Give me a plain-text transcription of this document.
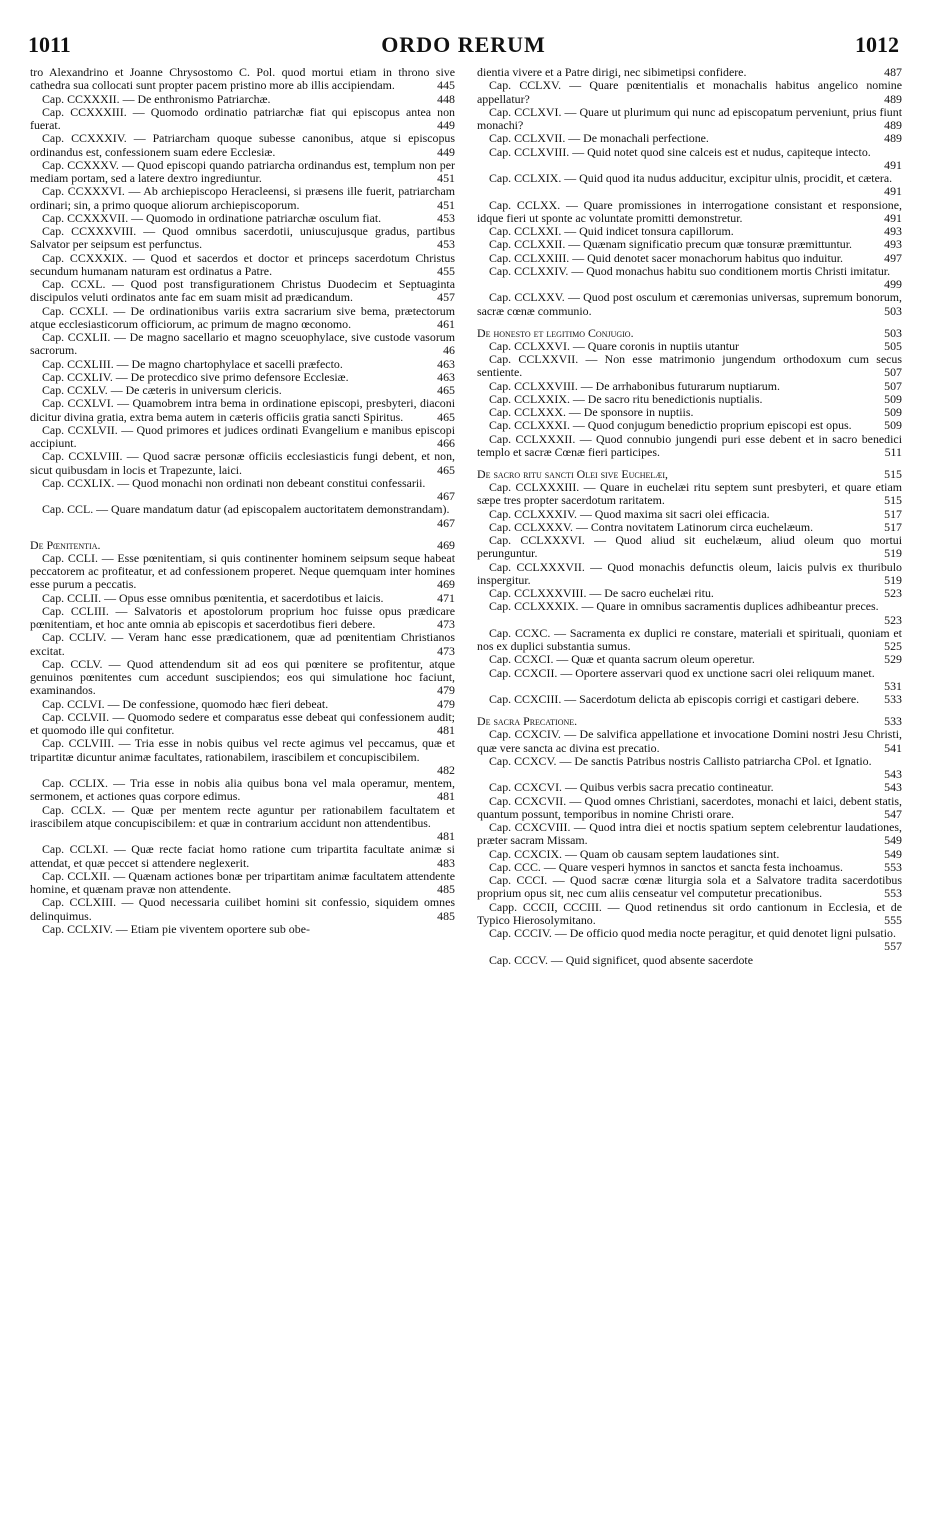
1011	ORDO RERUM	1012

tro Alexandrino et Joanne Chrysostomo C. Pol. quod mortui etiam in throno sive cathedra sua collocati sunt propter pacem pristino more ab illis accipiendam.	445

Cap. CCXXXII. — De enthronismo Patriarchæ.	448

Cap. CCXXXIII. — Quomodo ordinatio patriarchæ fiat qui episcopus antea non fuerat.	449

Cap. CCXXXIV. — Patriarcham quoque subesse canonibus, atque si episcopus ordinandus est, confessionem suam edere Ecclesiæ.	449

Cap. CCXXXV. — Quod episcopi quando patriarcha ordinandus est, templum non per mediam portam, sed a latere dextro ingrediuntur.	451

Cap. CCXXXVI. — Ab archiepiscopo Heracleensi, si præsens ille fuerit, patriarcham ordinari; sin, a primo quoque aliorum archiepiscoporum.	451

Cap. CCXXXVII. — Quomodo in ordinatione patriarchæ osculum fiat.	453

Cap. CCXXXVIII. — Quod omnibus sacerdotii, uniuscujusque gradus, partibus Salvator per seipsum est perfunctus.	453

Cap. CCXXXIX. — Quod et sacerdos et doctor et princeps sacerdotum Christus secundum humanam naturam est ordinatus a Patre.	455

Cap. CCXL. — Quod post transfigurationem Christus Duodecim et Septuaginta discipulos veluti ordinatos ante fac em suam misit ad prædicandum.	457

Cap. CCXLI. — De ordinationibus variis extra sacrarium sive bema, prætectorum atque ecclesiasticorum officiorum, ac primum de magno œconomo.	461

Cap. CCXLII. — De magno sacellario et magno sceuophylace, sive custode vasorum sacrorum.	46

Cap. CCXLIII. — De magno chartophylace et sacelli præfecto.	463

Cap. CCXLIV. — De protecdico sive primo defensore Ecclesiæ.	463

Cap. CCXLV. — De cæteris in universum clericis.	465

Cap. CCXLVI. — Quamobrem intra bema in ordinatione episcopi, presbyteri, diaconi dicitur divina gratia, extra bema autem in cæteris officiis gratia sancti Spiritus.	465

Cap. CCXLVII. — Quod primores et judices ordinati Evangelium e manibus episcopi accipiunt.	466

Cap. CCXLVIII. — Quod sacræ personæ officiis ecclesiasticis fungi debent, et non, sicut quibusdam in locis et Trapezunte, laici.	465

Cap. CCXLIX. — Quod monachi non ordinati non debeant constitui confessarii.
467

Cap. CCL. — Quare mandatum datur (ad episcopalem auctoritatem demonstrandam).
467

De Pœnitentia.	469

Cap. CCLI. — Esse pœnitentiam, si quis continenter hominem seipsum seque habeat peccatorem ac profiteatur, et ad confessionem properet. Neque quemquam inter homines esse purum a peccatis.	469

Cap. CCLII. — Opus esse omnibus pœnitentia, et sacerdotibus et laicis.	471

Cap. CCLIII. — Salvatoris et apostolorum proprium hoc fuisse opus prædicare pœnitentiam, et hoc ante omnia ab episcopis et sacerdotibus fieri debere.	473

Cap. CCLIV. — Veram hanc esse prædicationem, quæ ad pœnitentiam Christianos excitat.	473

Cap. CCLV. — Quod attendendum sit ad eos qui pœnitere se profitentur, atque genuinos pœnitentes cum accedunt suscipiendos; eos qui simulatione hoc faciunt, examinandos.	479

Cap. CCLVI. — De confessione, quomodo hæc fieri debeat.	479

Cap. CCLVII. — Quomodo sedere et comparatus esse debeat qui confessionem audit; et quomodo ille qui confitetur.	481

Cap. CCLVIII. — Tria esse in nobis quibus vel recte agimus vel peccamus, quæ et tripartitæ dicuntur animæ facultates, rationabilem, irascibilem et concupiscibilem.
482

Cap. CCLIX. — Tria esse in nobis alia quibus bona vel mala operamur, mentem, sermonem, et actiones quas corpore edimus.	481

Cap. CCLX. — Quæ per mentem recte aguntur per rationabilem facultatem et irascibilem atque concupiscibilem: et quæ in contrarium accidunt non attendentibus.
481

Cap. CCLXI. — Quæ recte faciat homo ratione cum tripartita facultate animæ si attendat, et quæ peccet si attendere neglexerit.	483

Cap. CCLXII. — Quænam actiones bonæ per tripartitam animæ facultatem attendente homine, et quænam pravæ non attendente.	485

Cap. CCLXIII. — Quod necessaria cuilibet homini sit confessio, siquidem omnes delinquimus.	485

Cap. CCLXIV. — Etiam pie viventem oportere sub obe-

dientia vivere et a Patre dirigi, nec sibimetipsi confidere.	487

Cap. CCLXV. — Quare pœnitentialis et monachalis habitus angelico nomine appellatur?	489

Cap. CCLXVI. — Quare ut plurimum qui nunc ad episcopatum perveniunt, prius fiunt monachi?	489

Cap. CCLXVII. — De monachali perfectione.	489

Cap. CCLXVIII. — Quid notet quod sine calceis est et nudus, capiteque intecto.
491

Cap. CCLXIX. — Quid quod ita nudus adducitur, excipitur ulnis, procidit, et cætera.
491

Cap. CCLXX. — Quare promissiones in interrogatione consistant et responsione, idque fieri ut sponte ac voluntate promitti demonstretur.	491

Cap. CCLXXI. — Quid indicet tonsura capillorum.	493

Cap. CCLXXII. — Quænam significatio precum quæ tonsuræ præmittuntur.	493

Cap. CCLXXIII. — Quid denotet sacer monachorum habitus quo induitur.	497

Cap. CCLXXIV. — Quod monachus habitu suo conditionem mortis Christi imitatur.
499

Cap. CCLXXV. — Quod post osculum et cæremonias universas, supremum bonorum, sacræ cœnæ communio.	503

De honesto et legitimo Conjugio.	503

Cap. CCLXXVI. — Quare coronis in nuptiis utantur	505

Cap. CCLXXVII. — Non esse matrimonio jungendum orthodoxum cum secus sentiente.	507

Cap. CCLXXVIII. — De arrhabonibus futurarum nuptiarum.	507

Cap. CCLXXIX. — De sacro ritu benedictionis nuptialis.	509

Cap. CCLXXX. — De sponsore in nuptiis.	509

Cap. CCLXXXI. — Quod conjugum benedictio proprium episcopi est opus.	509

Cap. CCLXXXII. — Quod connubio jungendi puri esse debent et in sacro benedici templo et sacræ Cœnæ fieri participes.	511

De sacro ritu sancti Olei sive Euchelæi,	515

Cap. CCLXXXIII. — Quare in euchelæi ritu septem sunt presbyteri, et quare etiam sæpe tres propter sacerdotum raritatem.	515

Cap. CCLXXXIV. — Quod maxima sit sacri olei efficacia.	517

Cap. CCLXXXV. — Contra novitatem Latinorum circa euchelæum.	517

Cap. CCLXXXVI. — Quod aliud sit euchelæum, aliud oleum quo mortui perunguntur.	519

Cap. CCLXXXVII. — Quod monachis defunctis oleum, laicis pulvis ex thuribulo inspergitur.	519

Cap. CCLXXXVIII. — De sacro euchelæi ritu.	523

Cap. CCLXXXIX. — Quare in omnibus sacramentis duplices adhibeantur preces.
523

Cap. CCXC. — Sacramenta ex duplici re constare, materiali et spirituali, quoniam et nos ex duplici substantia sumus.	525

Cap. CCXCI. — Quæ et quanta sacrum oleum operetur.	529

Cap. CCXCII. — Oportere asservari quod ex unctione sacri olei reliquum manet.
531

Cap. CCXCIII. — Sacerdotum delicta ab episcopis corrigi et castigari debere.	533

De sacra Precatione.	533

Cap. CCXCIV. — De salvifica appellatione et invocatione Domini nostri Jesu Christi, quæ vere sancta ac divina est precatio.	541

Cap. CCXCV. — De sanctis Patribus nostris Callisto patriarcha CPol. et Ignatio.
543

Cap. CCXCVI. — Quibus verbis sacra precatio contineatur.	543

Cap. CCXCVII. — Quod omnes Christiani, sacerdotes, monachi et laici, debent statis, quantum possunt, temporibus in nomine Christi orare.	547

Cap. CCXCVIII. — Quod intra diei et noctis spatium septem celebrentur laudationes, præter sacram Missam.	549

Cap. CCXCIX. — Quam ob causam septem laudationes sint.	549

Cap. CCC. — Quare vesperi hymnos in sanctos et sancta festa inchoamus.	553

Cap. CCCI. — Quod sacræ cœnæ liturgia sola et a Salvatore tradita sacerdotibus proprium opus sit, nec cum aliis censeatur vel computetur precationibus.	553

Capp. CCCII, CCCIII. — Quod retinendus sit ordo cantionum in Ecclesia, et de Typico Hierosolymitano.	555

Cap. CCCIV. — De officio quod media nocte peragitur, et quid denotet ligni pulsatio.
557

Cap. CCCV. — Quid significet, quod absente sacerdote
